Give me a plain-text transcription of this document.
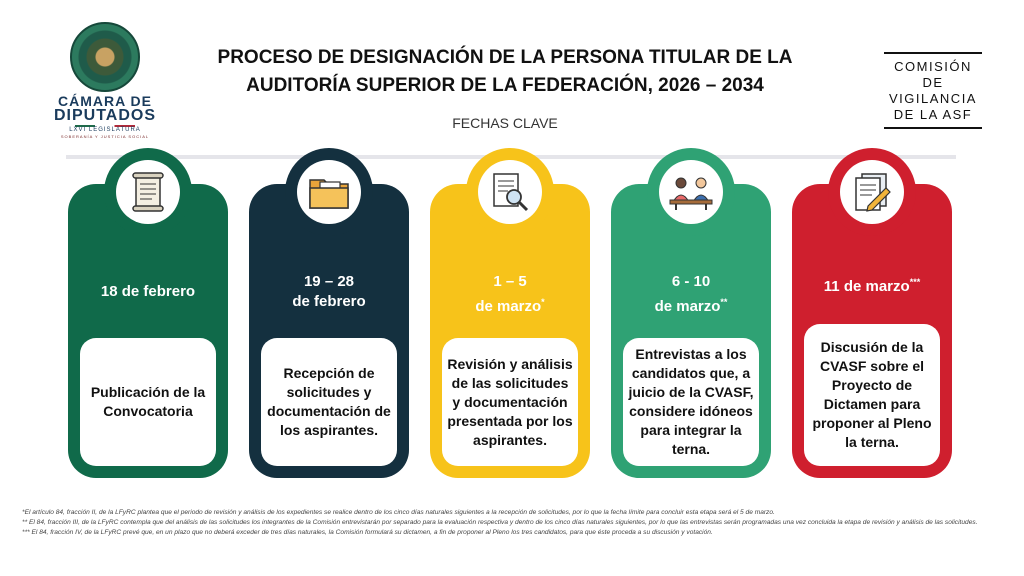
CÁMARA DE
DIPUTADOS
LXVI LEGISLATURA
SOBERANÍA Y JUSTICIA SOCIAL
PROCESO DE DESIGNACIÓN DE LA PERSONA TITULAR DE LA
AUDITORÍA SUPERIOR DE LA FEDERACIÓN, 2026 – 2034
FECHAS CLAVE
COMISIÓN DE
VIGILANCIA
DE LA ASF
18 de febrero
Publicación de la Convocatoria
19 – 28
de febrero
Recepción de solicitudes y documentación de los aspirantes.
1 – 5
de marzo*
Revisión y análisis de las solicitudes y documentación presentada por los aspirantes.
6 - 10
de marzo**
Entrevistas a los candidatos que, a juicio de la CVASF, considere idóneos para integrar la terna.
11 de marzo***
Discusión de la CVASF sobre el Proyecto de Dictamen para proponer al Pleno la terna.

*El artículo 84, fracción II, de la LFyRC plantea que el periodo de revisión y análisis de los expedientes se realice dentro de los cinco días naturales siguientes a la recepción de solicitudes, por lo que la fecha límite para concluir esta etapa será el 5 de marzo.

** El 84, fracción III, de la LFyRC contempla que del análisis de las solicitudes los integrantes de la Comisión entrevistarán por separado para la evaluación respectiva y dentro de los cinco días naturales siguientes, por lo que las entrevistas serán programadas una vez concluida la etapa de revisión y análisis de las solicitudes.

*** El 84, fracción IV, de la LFyRC prevé que, en un plazo que no deberá exceder de tres días naturales, la Comisión formulará su dictamen, a fin de proponer al Pleno los tres candidatos, para que éste proceda a su discusión y votación.
